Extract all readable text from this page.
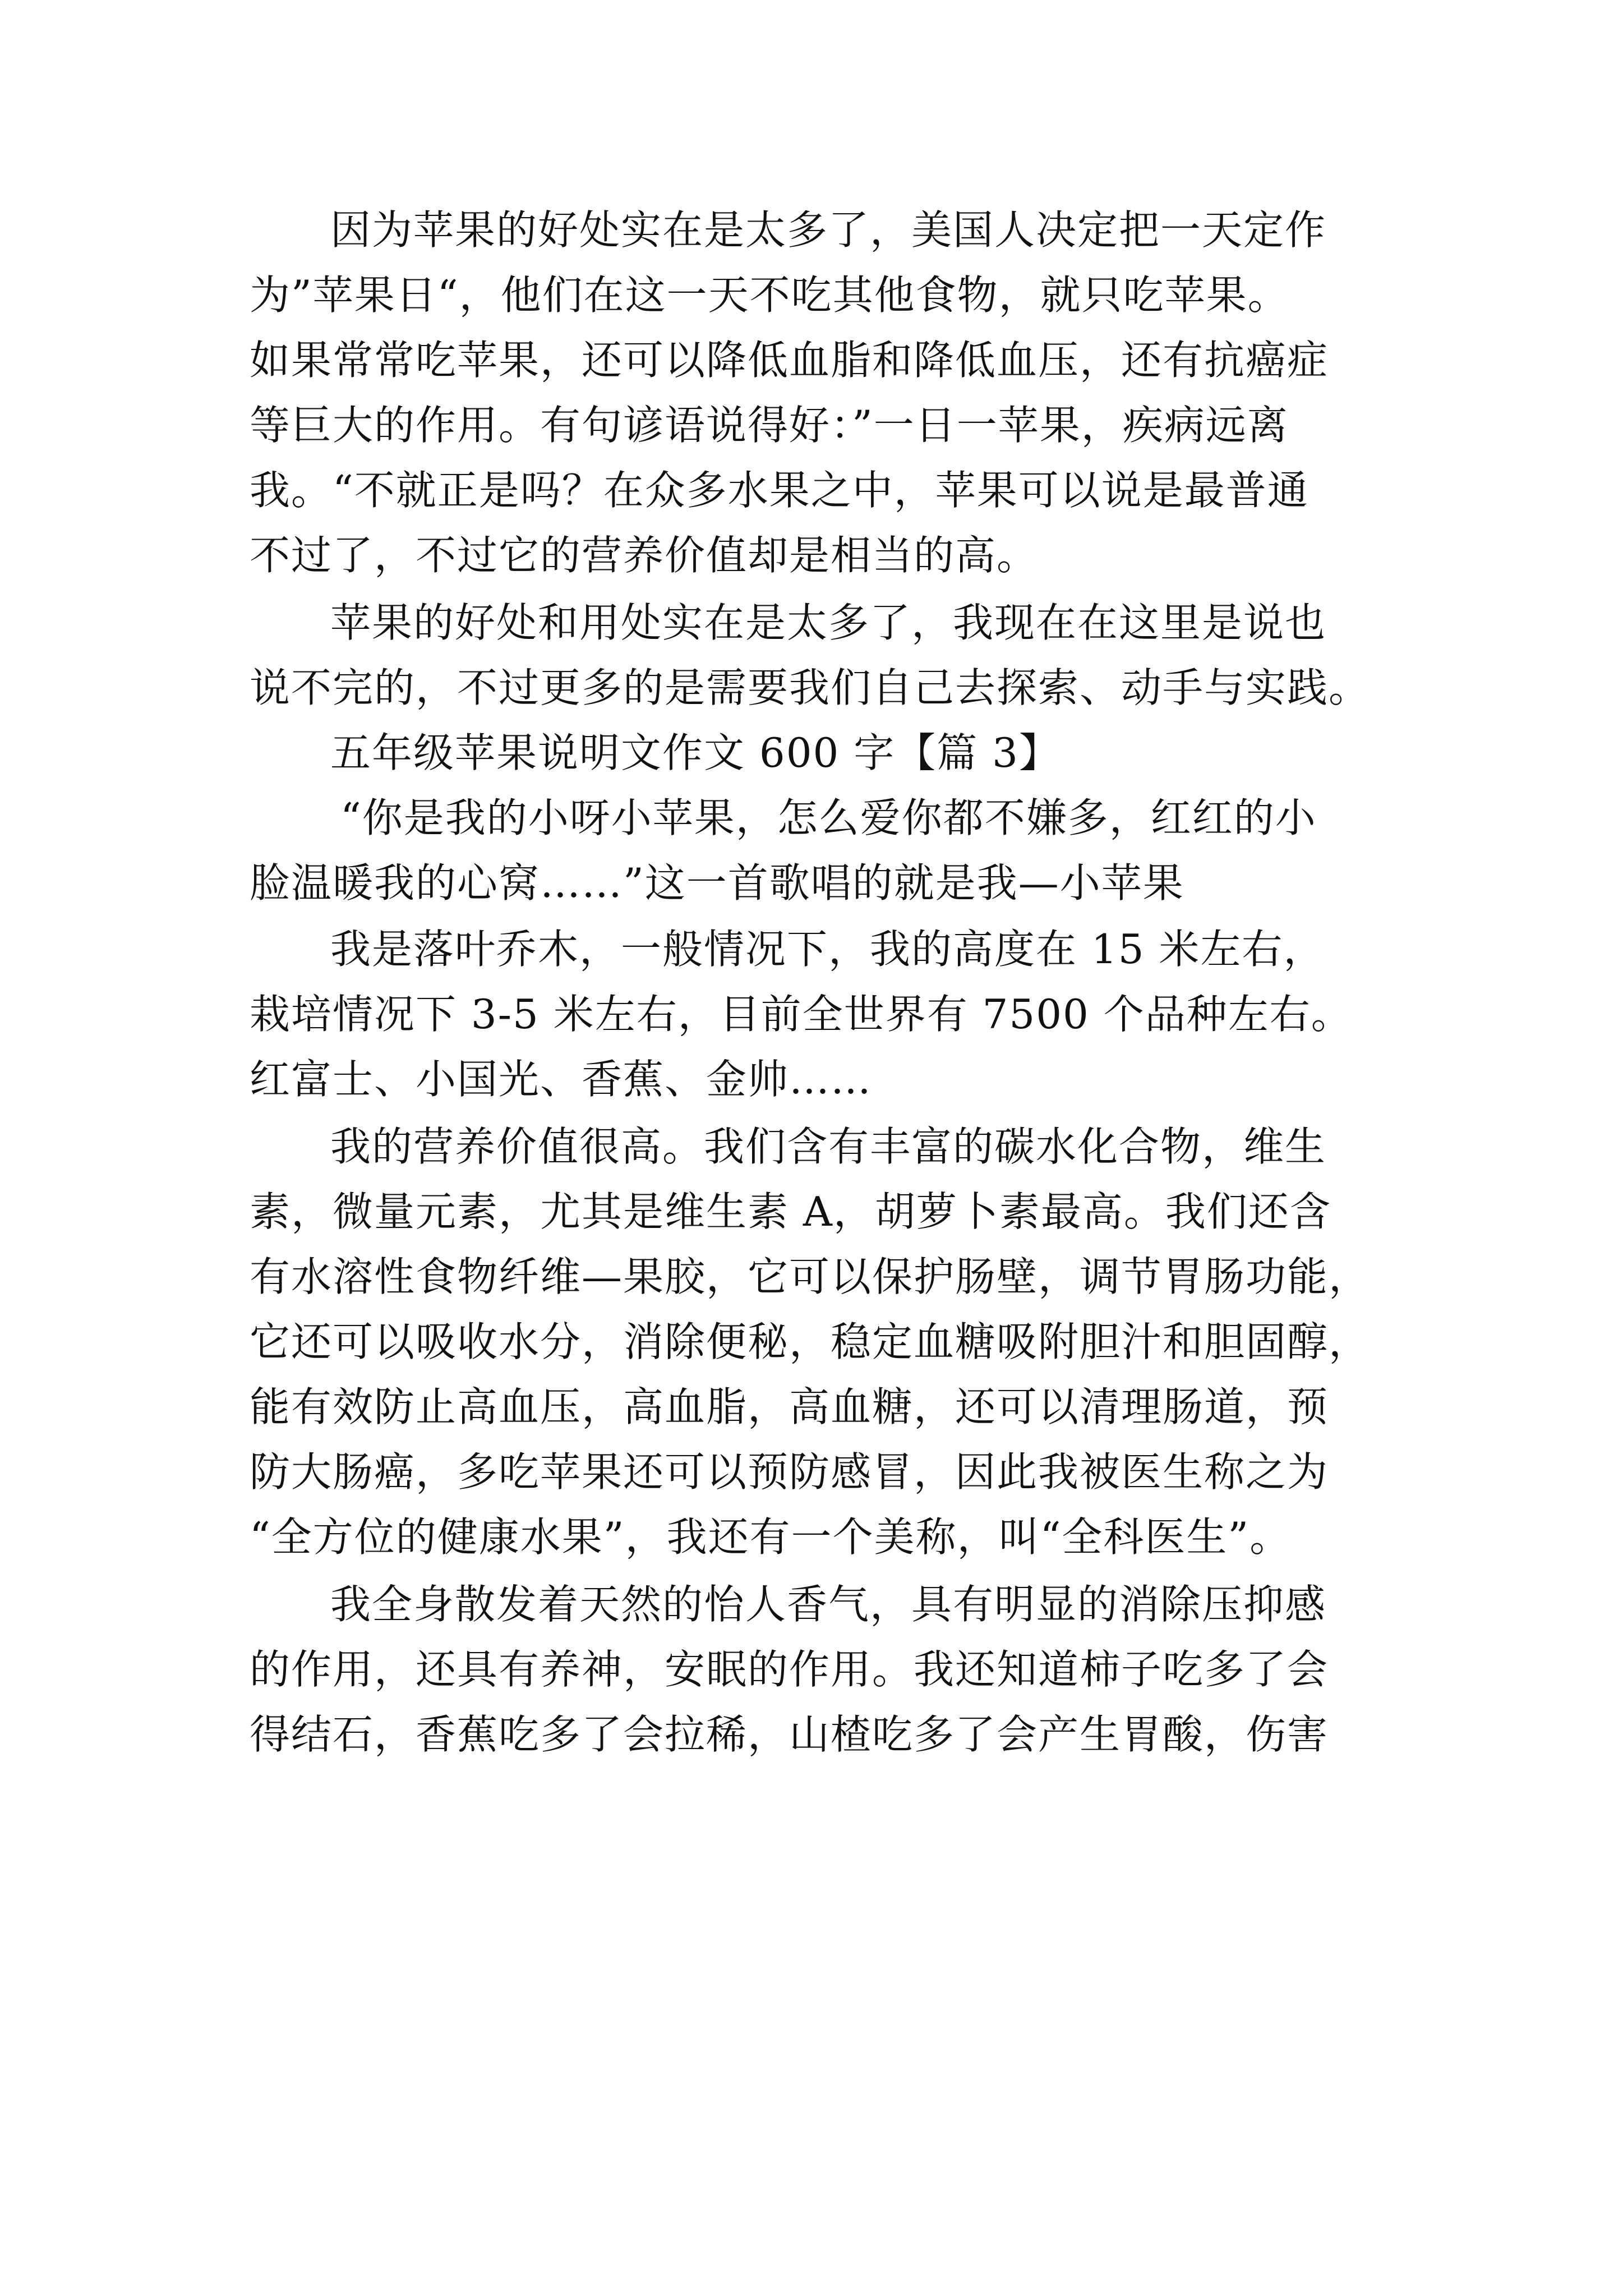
因为苹果的好处实在是太多了，美国人决定把一天定作
为”苹果日“，他们在这一天不吃其他食物，就只吃苹果。
如果常常吃苹果，还可以降低血脂和降低血压，还有抗癌症
等巨大的作用。有句谚语说得好：”一日一苹果，疾病远离
我。“不就正是吗？在众多水果之中，苹果可以说是最普通
不过了，不过它的营养价值却是相当的高。
苹果的好处和用处实在是太多了，我现在在这里是说也
说不完的，不过更多的是需要我们自己去探索、动手与实践。
五年级苹果说明文作文 600 字【篇 3】
“你是我的小呀小苹果，怎么爱你都不嫌多，红红的小
脸温暖我的心窝……”这一首歌唱的就是我—小苹果
我是落叶乔木，一般情况下，我的高度在 15 米左右，
栽培情况下 3-5 米左右，目前全世界有 7500 个品种左右。
红富士、小国光、香蕉、金帅……
我的营养价值很高。我们含有丰富的碳水化合物，维生
素，微量元素，尤其是维生素 A，胡萝卜素最高。我们还含
有水溶性食物纤维—果胶，它可以保护肠壁，调节胃肠功能，
它还可以吸收水分，消除便秘，稳定血糖吸附胆汁和胆固醇，
能有效防止高血压，高血脂，高血糖，还可以清理肠道，预
防大肠癌，多吃苹果还可以预防感冒，因此我被医生称之为
“全方位的健康水果”，我还有一个美称，叫“全科医生”。
我全身散发着天然的怡人香气，具有明显的消除压抑感
的作用，还具有养神，安眠的作用。我还知道柿子吃多了会
得结石，香蕉吃多了会拉稀，山楂吃多了会产生胃酸，伤害
